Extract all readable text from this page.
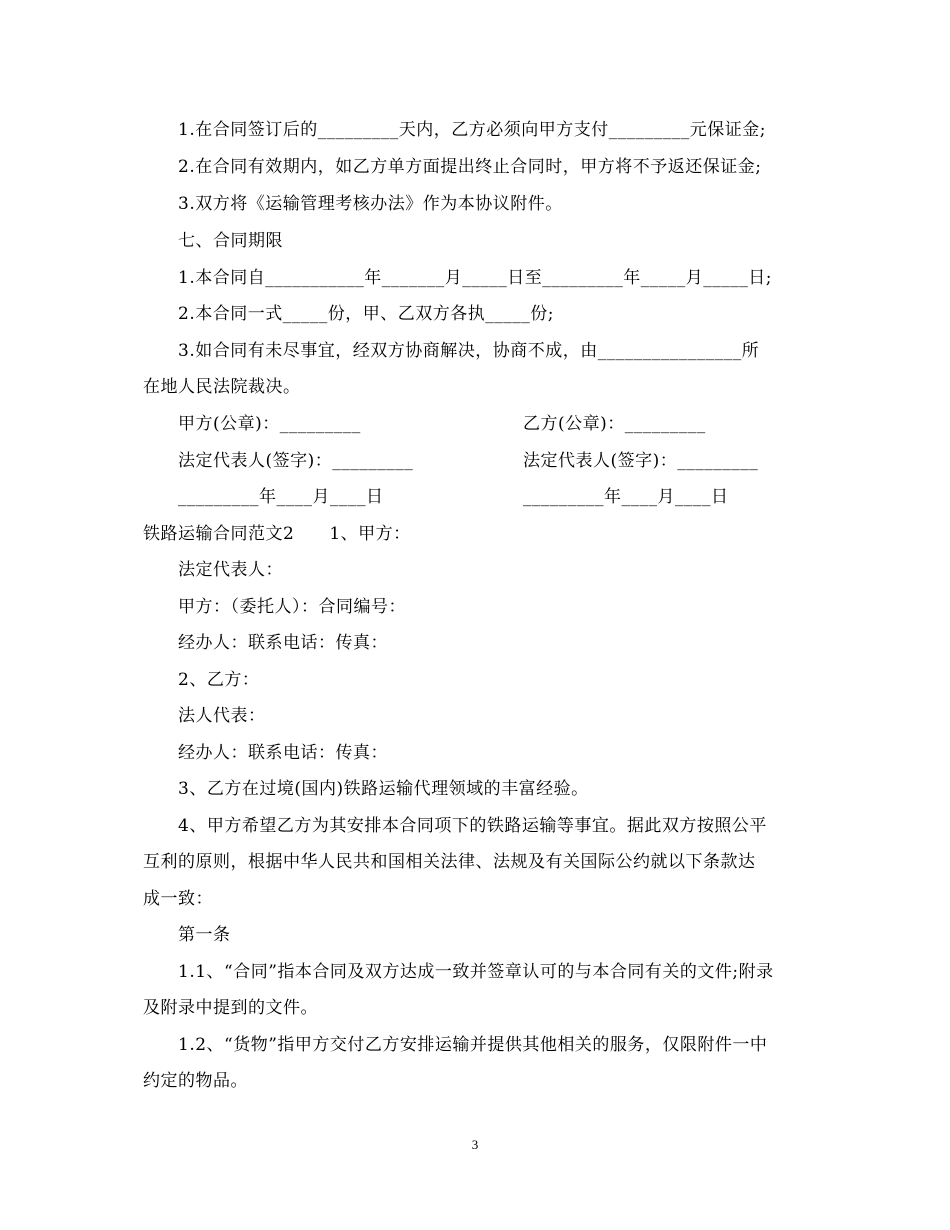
1.在合同签订后的_________天内，乙方必须向甲方支付_________元保证金;
2.在合同有效期内，如乙方单方面提出终止合同时，甲方将不予返还保证金;
3.双方将《运输管理考核办法》作为本协议附件。
七、合同期限
1.本合同自___________年_______月_____日至_________年_____月_____日;
2.本合同一式_____份，甲、乙双方各执_____份;
3.如合同有未尽事宜，经双方协商解决，协商不成，由________________所
在地人民法院裁决。
甲方(公章)：_________	乙方(公章)：_________
法定代表人(签字)：_________	法定代表人(签字)：_________
_________年____月____日	_________年____月____日
铁路运输合同范文2　　1、甲方：
法定代表人：
甲方：（委托人）：合同编号：
经办人：联系电话：传真：
2、乙方：
法人代表：
经办人：联系电话：传真：
3、乙方在过境(国内)铁路运输代理领域的丰富经验。
4、甲方希望乙方为其安排本合同项下的铁路运输等事宜。据此双方按照公平
互利的原则，根据中华人民共和国相关法律、法规及有关国际公约就以下条款达
成一致：
第一条
1.1、“合同”指本合同及双方达成一致并签章认可的与本合同有关的文件;附录
及附录中提到的文件。
1.2、“货物”指甲方交付乙方安排运输并提供其他相关的服务，仅限附件一中
约定的物品。
3
